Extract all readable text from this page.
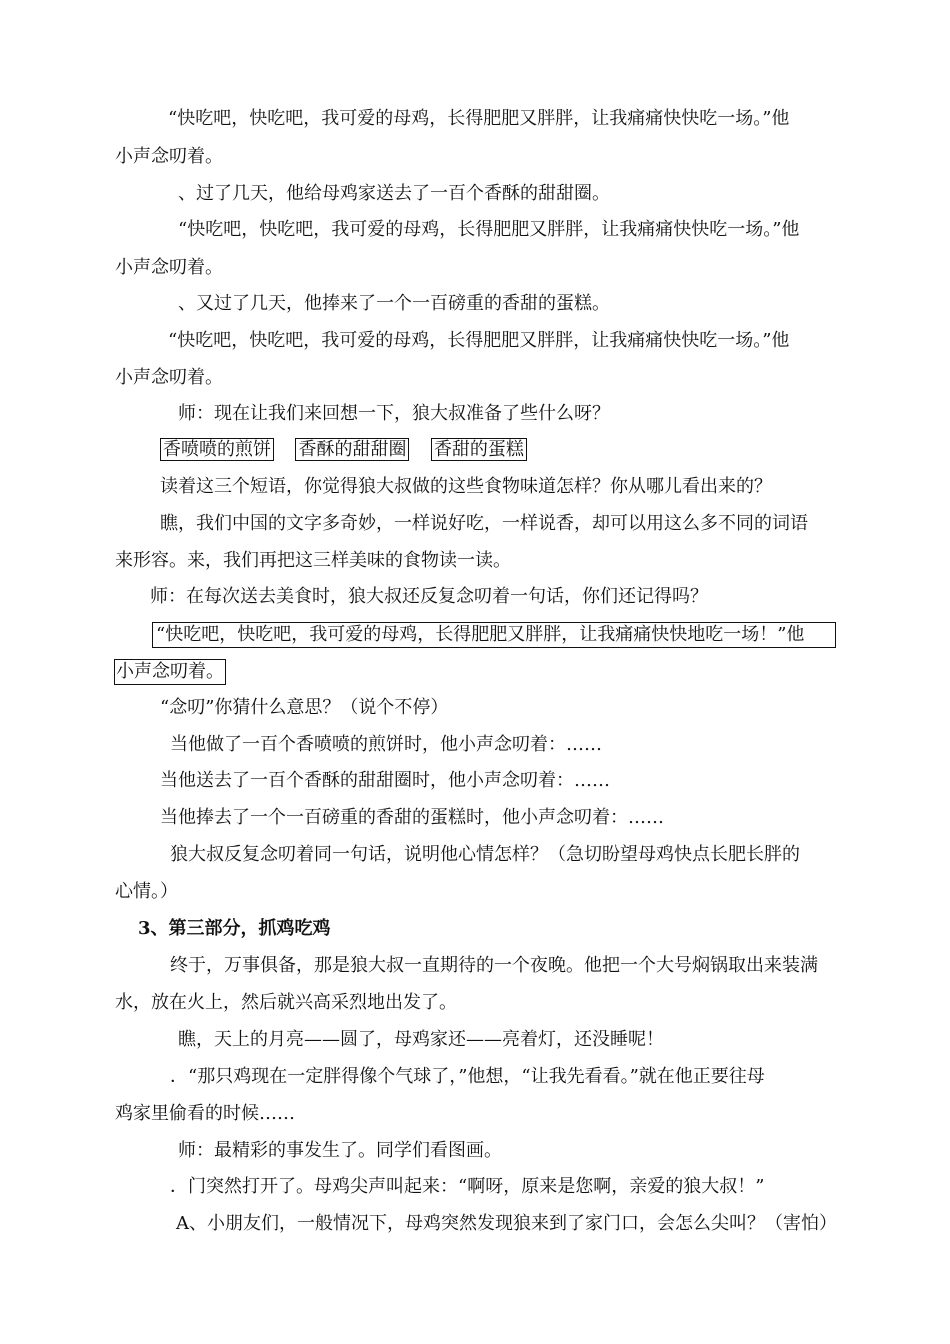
“快吃吧，快吃吧，我可爱的母鸡，长得肥肥又胖胖，让我痛痛快快吃一场。”他
小声念叨着。
、过了几天，他给母鸡家送去了一百个香酥的甜甜圈。
“快吃吧，快吃吧，我可爱的母鸡，长得肥肥又胖胖，让我痛痛快快吃一场。”他
小声念叨着。
、又过了几天，他捧来了一个一百磅重的香甜的蛋糕。
“快吃吧，快吃吧，我可爱的母鸡，长得肥肥又胖胖，让我痛痛快快吃一场。”他
小声念叨着。
师：现在让我们来回想一下，狼大叔准备了些什么呀？
香喷喷的煎饼 香酥的甜甜圈 香甜的蛋糕
读着这三个短语，你觉得狼大叔做的这些食物味道怎样？你从哪儿看出来的？
瞧，我们中国的文字多奇妙，一样说好吃，一样说香，却可以用这么多不同的词语
来形容。来，我们再把这三样美味的食物读一读。
师：在每次送去美食时，狼大叔还反复念叨着一句话，你们还记得吗？
“快吃吧，快吃吧，我可爱的母鸡，长得肥肥又胖胖，让我痛痛快快地吃一场！”他
小声念叨着。
“念叨”你猜什么意思？（说个不停）
当他做了一百个香喷喷的煎饼时，他小声念叨着：……
当他送去了一百个香酥的甜甜圈时，他小声念叨着：……
当他捧去了一个一百磅重的香甜的蛋糕时，他小声念叨着：……
狼大叔反复念叨着同一句话，说明他心情怎样？（急切盼望母鸡快点长肥长胖的
心情。）
3、第三部分，抓鸡吃鸡
终于，万事俱备，那是狼大叔一直期待的一个夜晚。他把一个大号焖锅取出来装满
水，放在火上，然后就兴高采烈地出发了。
瞧，天上的月亮——圆了，母鸡家还——亮着灯，还没睡呢！
．“那只鸡现在一定胖得像个气球了，”他想，“让我先看看。”就在他正要往母
鸡家里偷看的时候……
师：最精彩的事发生了。同学们看图画。
．门突然打开了。母鸡尖声叫起来：“啊呀，原来是您啊，亲爱的狼大叔！”
A、小朋友们，一般情况下，母鸡突然发现狼来到了家门口，会怎么尖叫？（害怕）
